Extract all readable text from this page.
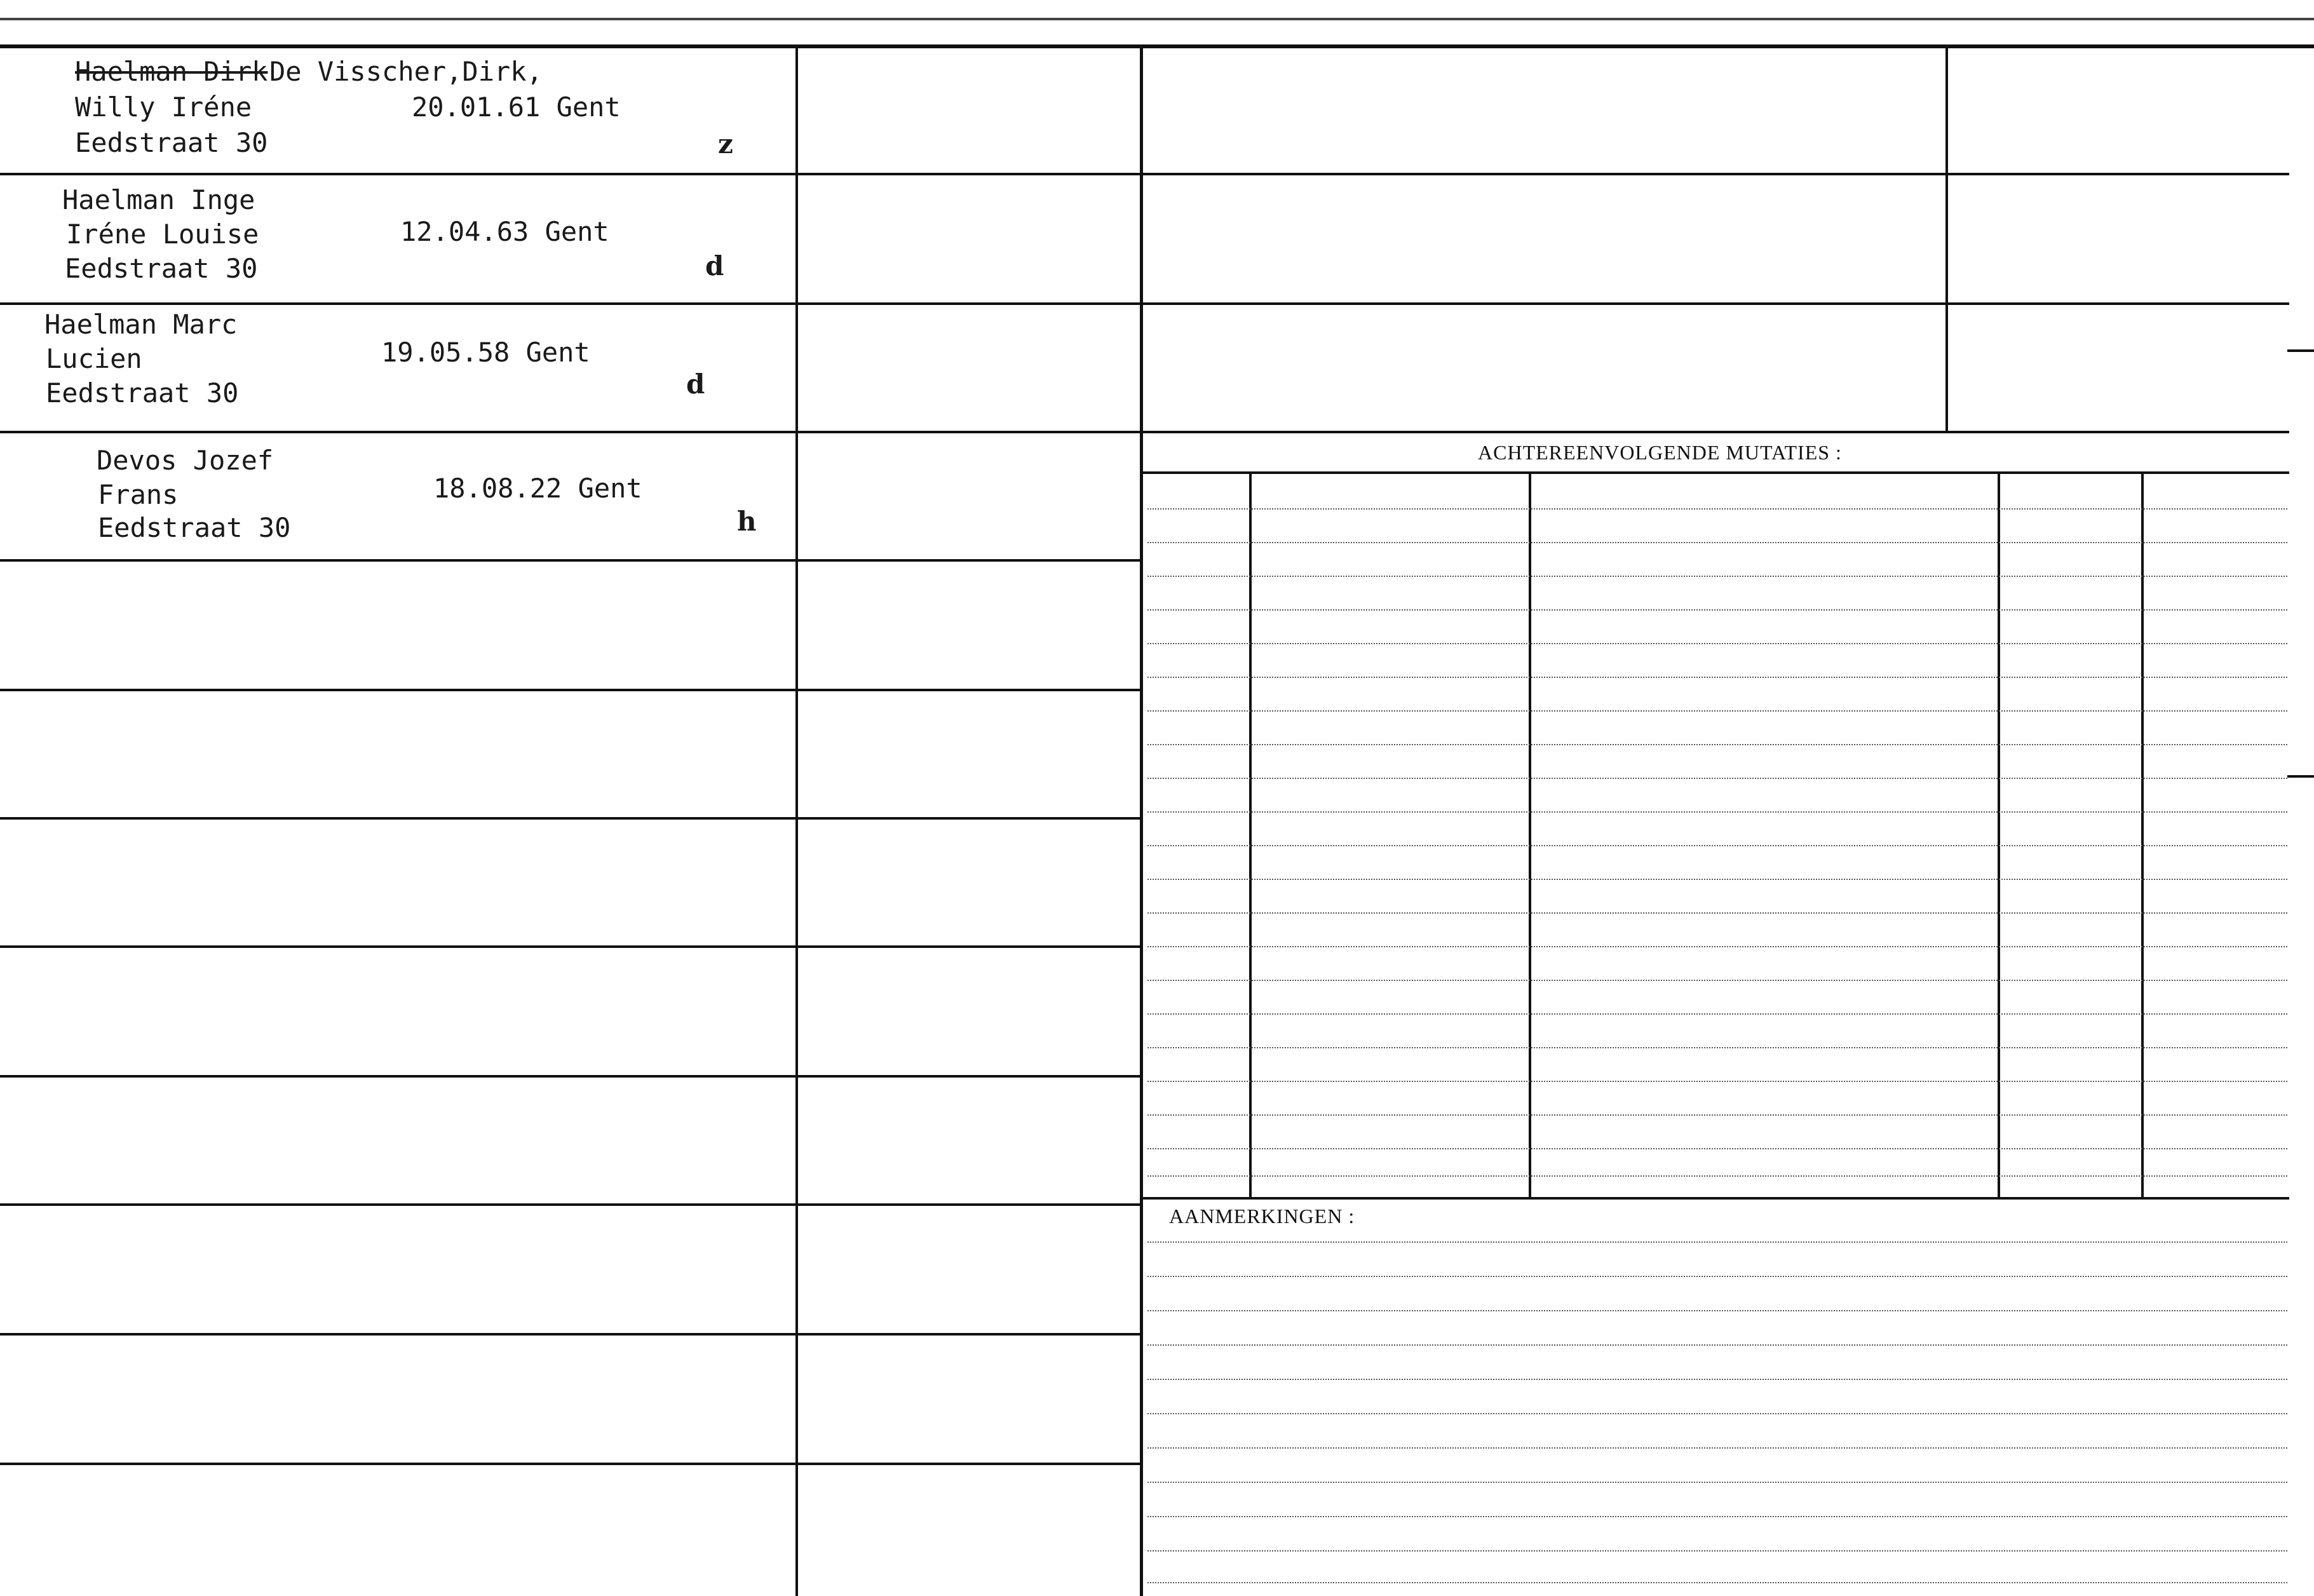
Haelman Dirk De Visscher,Dirk,
Willy Iréne	20.01.61 Gent
Eedstraat 30	z
Haelman Inge
Iréne Louise	12.04.63 Gent
Eedstraat 30	d
Haelman Marc
Lucien	19.05.58 Gent
Eedstraat 30	d
Devos Jozef
Frans	18.08.22 Gent
Eedstraat 30	h
ACHTEREENVOLGENDE MUTATIES :
AANMERKINGEN :
